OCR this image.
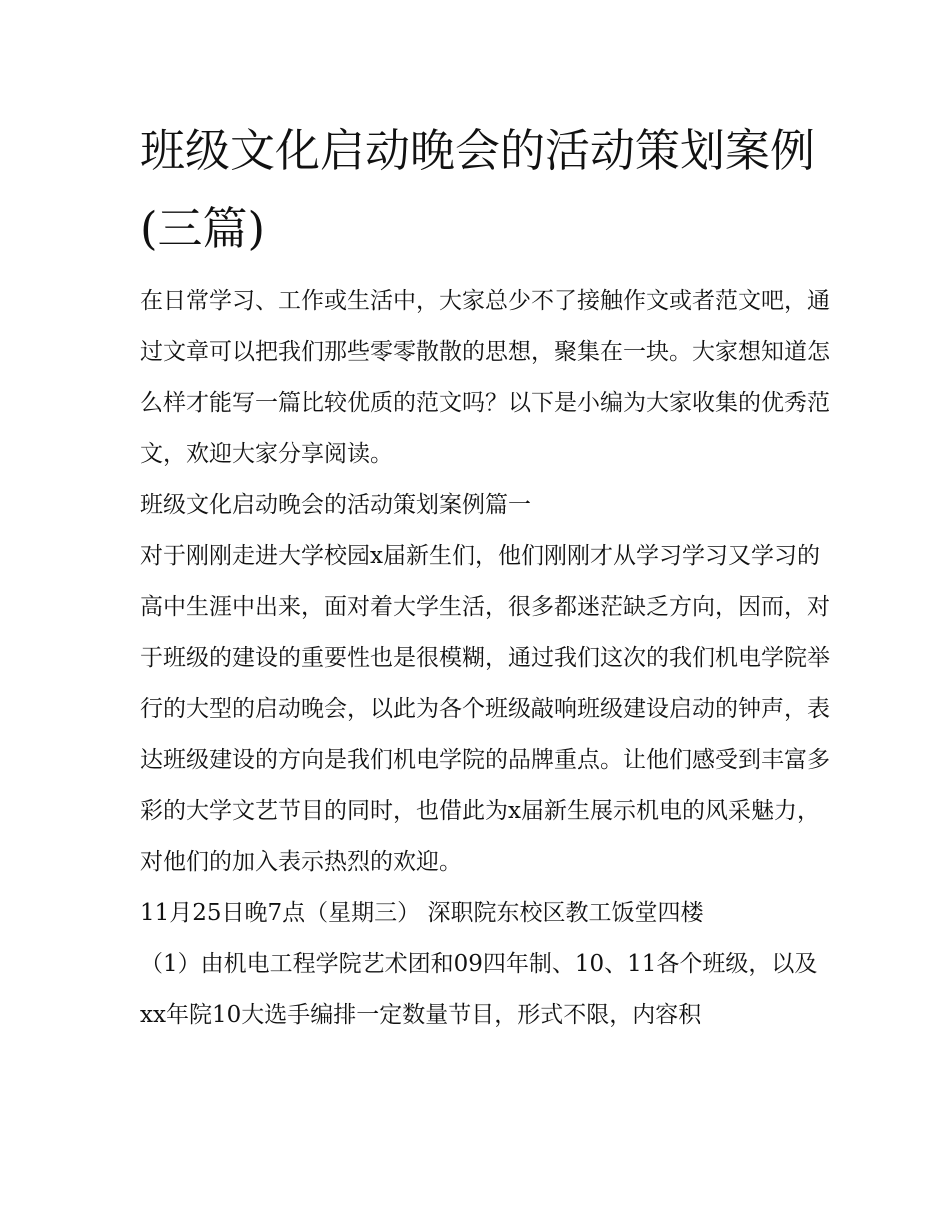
班级文化启动晚会的活动策划案例(三篇)

在日常学习、工作或生活中，大家总少不了接触作文或者范文吧，通过文章可以把我们那些零零散散的思想，聚集在一块。大家想知道怎么样才能写一篇比较优质的范文吗？以下是小编为大家收集的优秀范文，欢迎大家分享阅读。

班级文化启动晚会的活动策划案例篇一

对于刚刚走进大学校园x届新生们，他们刚刚才从学习学习又学习的高中生涯中出来，面对着大学生活，很多都迷茫缺乏方向，因而，对于班级的建设的重要性也是很模糊，通过我们这次的我们机电学院举行的大型的启动晚会，以此为各个班级敲响班级建设启动的钟声，表达班级建设的方向是我们机电学院的品牌重点。让他们感受到丰富多彩的大学文艺节目的同时，也借此为x届新生展示机电的风采魅力，对他们的加入表示热烈的欢迎。

11月25日晚7点（星期三） 深职院东校区教工饭堂四楼

（1）由机电工程学院艺术团和09四年制、10、11各个班级，以及xx年院10大选手编排一定数量节目，形式不限，内容积
